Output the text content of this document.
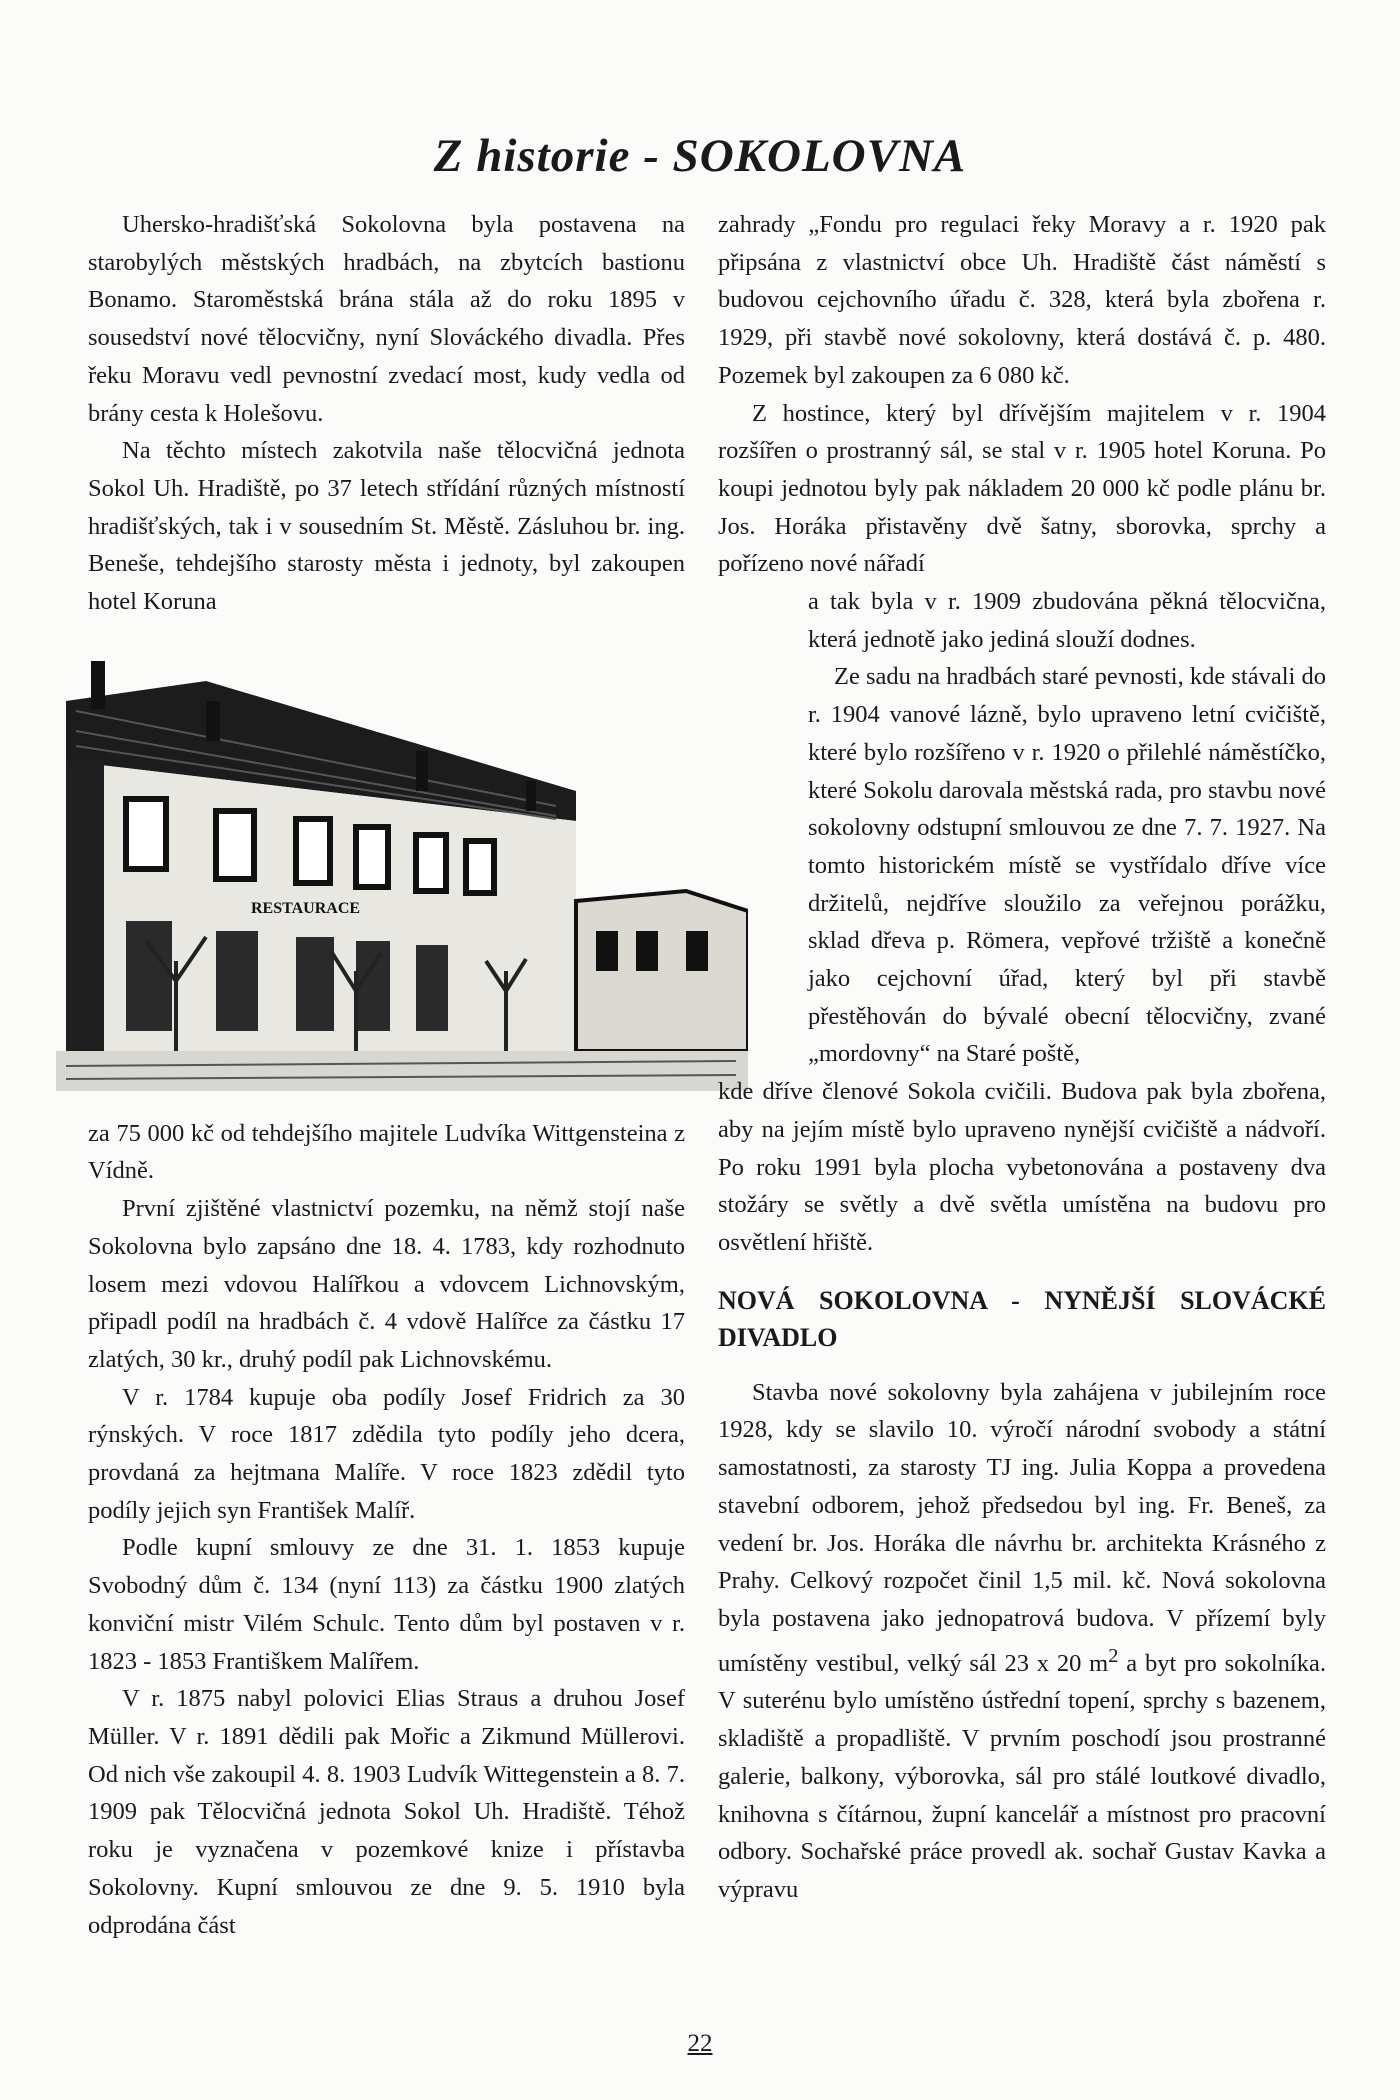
Z historie - SOKOLOVNA

Uhersko-hradišťská Sokolovna byla postavena na starobylých městských hradbách, na zbytcích bastionu Bonamo. Staroměstská brána stála až do roku 1895 v sousedství nové tělocvičny, nyní Slováckého divadla. Přes řeku Moravu vedl pevnostní zvedací most, kudy vedla od brány cesta k Holešovu.

Na těchto místech zakotvila naše tělocvičná jednota Sokol Uh. Hradiště, po 37 letech střídání různých místností hradišťských, tak i v sousedním St. Městě. Zásluhou br. ing. Beneše, tehdejšího starosty města i jednoty, byl zakoupen hotel Koruna

RESTAURACE

za 75 000 kč od tehdejšího majitele Ludvíka Wittgensteina z Vídně.

První zjištěné vlastnictví pozemku, na němž stojí naše Sokolovna bylo zapsáno dne 18. 4. 1783, kdy rozhodnuto losem mezi vdovou Halířkou a vdovcem Lichnovským, připadl podíl na hradbách č. 4 vdově Halířce za částku 17 zlatých, 30 kr., druhý podíl pak Lichnovskému.

V r. 1784 kupuje oba podíly Josef Fridrich za 30 rýnských. V roce 1817 zdědila tyto podíly jeho dcera, provdaná za hejtmana Malíře. V roce 1823 zdědil tyto podíly jejich syn František Malíř.

Podle kupní smlouvy ze dne 31. 1. 1853 kupuje Svobodný dům č. 134 (nyní 113) za částku 1900 zlatých konviční mistr Vilém Schulc. Tento dům byl postaven v r. 1823 - 1853 Františkem Malířem.

V r. 1875 nabyl polovici Elias Straus a druhou Josef Müller. V r. 1891 dědili pak Mořic a Zikmund Müllerovi. Od nich vše zakoupil 4. 8. 1903 Ludvík Wittegenstein a 8. 7. 1909 pak Tělocvičná jednota Sokol Uh. Hradiště. Téhož roku je vyznačena v pozemkové knize i přístavba Sokolovny. Kupní smlouvou ze dne 9. 5. 1910 byla odprodána část

zahrady „Fondu pro regulaci řeky Moravy a r. 1920 pak připsána z vlastnictví obce Uh. Hradiště část náměstí s budovou cejchovního úřadu č. 328, která byla zbořena r. 1929, při stavbě nové sokolovny, která dostává č. p. 480. Pozemek byl zakoupen za 6 080 kč.

Z hostince, který byl dřívějším majitelem v r. 1904 rozšířen o prostranný sál, se stal v r. 1905 hotel Koruna. Po koupi jednotou byly pak nákladem 20 000 kč podle plánu br. Jos. Horáka přistavěny dvě šatny, sborovka, sprchy a pořízeno nové nářadí

a tak byla v r. 1909 zbudována pěkná tělocvična, která jednotě jako jediná slouží dodnes.

Ze sadu na hradbách staré pevnosti, kde stávali do r. 1904 vanové lázně, bylo upraveno letní cvičiště, které bylo rozšířeno v r. 1920 o přilehlé náměstíčko, které Sokolu darovala městská rada, pro stavbu nové sokolovny odstupní smlouvou ze dne 7. 7. 1927. Na tomto historickém místě se vystřídalo dříve více držitelů, nejdříve sloužilo za veřejnou porážku, sklad dřeva p. Römera, vepřové tržiště a konečně jako cejchovní úřad, který byl při stavbě přestěhován do bývalé obecní tělocvičny, zvané „mordovny“ na Staré poště,

kde dříve členové Sokola cvičili. Budova pak byla zbořena, aby na jejím místě bylo upraveno nynější cvičiště a nádvoří. Po roku 1991 byla plocha vybetonována a postaveny dva stožáry se světly a dvě světla umístěna na budovu pro osvětlení hřiště.

NOVÁ SOKOLOVNA - NYNĚJŠÍ SLOVÁCKÉ DIVADLO

Stavba nové sokolovny byla zahájena v jubilejním roce 1928, kdy se slavilo 10. výročí národní svobody a státní samostatnosti, za starosty TJ ing. Julia Koppa a provedena stavební odborem, jehož předsedou byl ing. Fr. Beneš, za vedení br. Jos. Horáka dle návrhu br. architekta Krásného z Prahy. Celkový rozpočet činil 1,5 mil. kč. Nová sokolovna byla postavena jako jednopatrová budova. V přízemí byly umístěny vestibul, velký sál 23 x 20 $m^2$ a byt pro sokolníka. V suterénu bylo umístěno ústřední topení, sprchy s bazenem, skladiště a propadliště. V prvním poschodí jsou prostranné galerie, balkony, výborovka, sál pro stálé loutkové divadlo, knihovna s čítárnou, župní kancelář a místnost pro pracovní odbory. Sochařské práce provedl ak. sochař Gustav Kavka a výpravu

22
